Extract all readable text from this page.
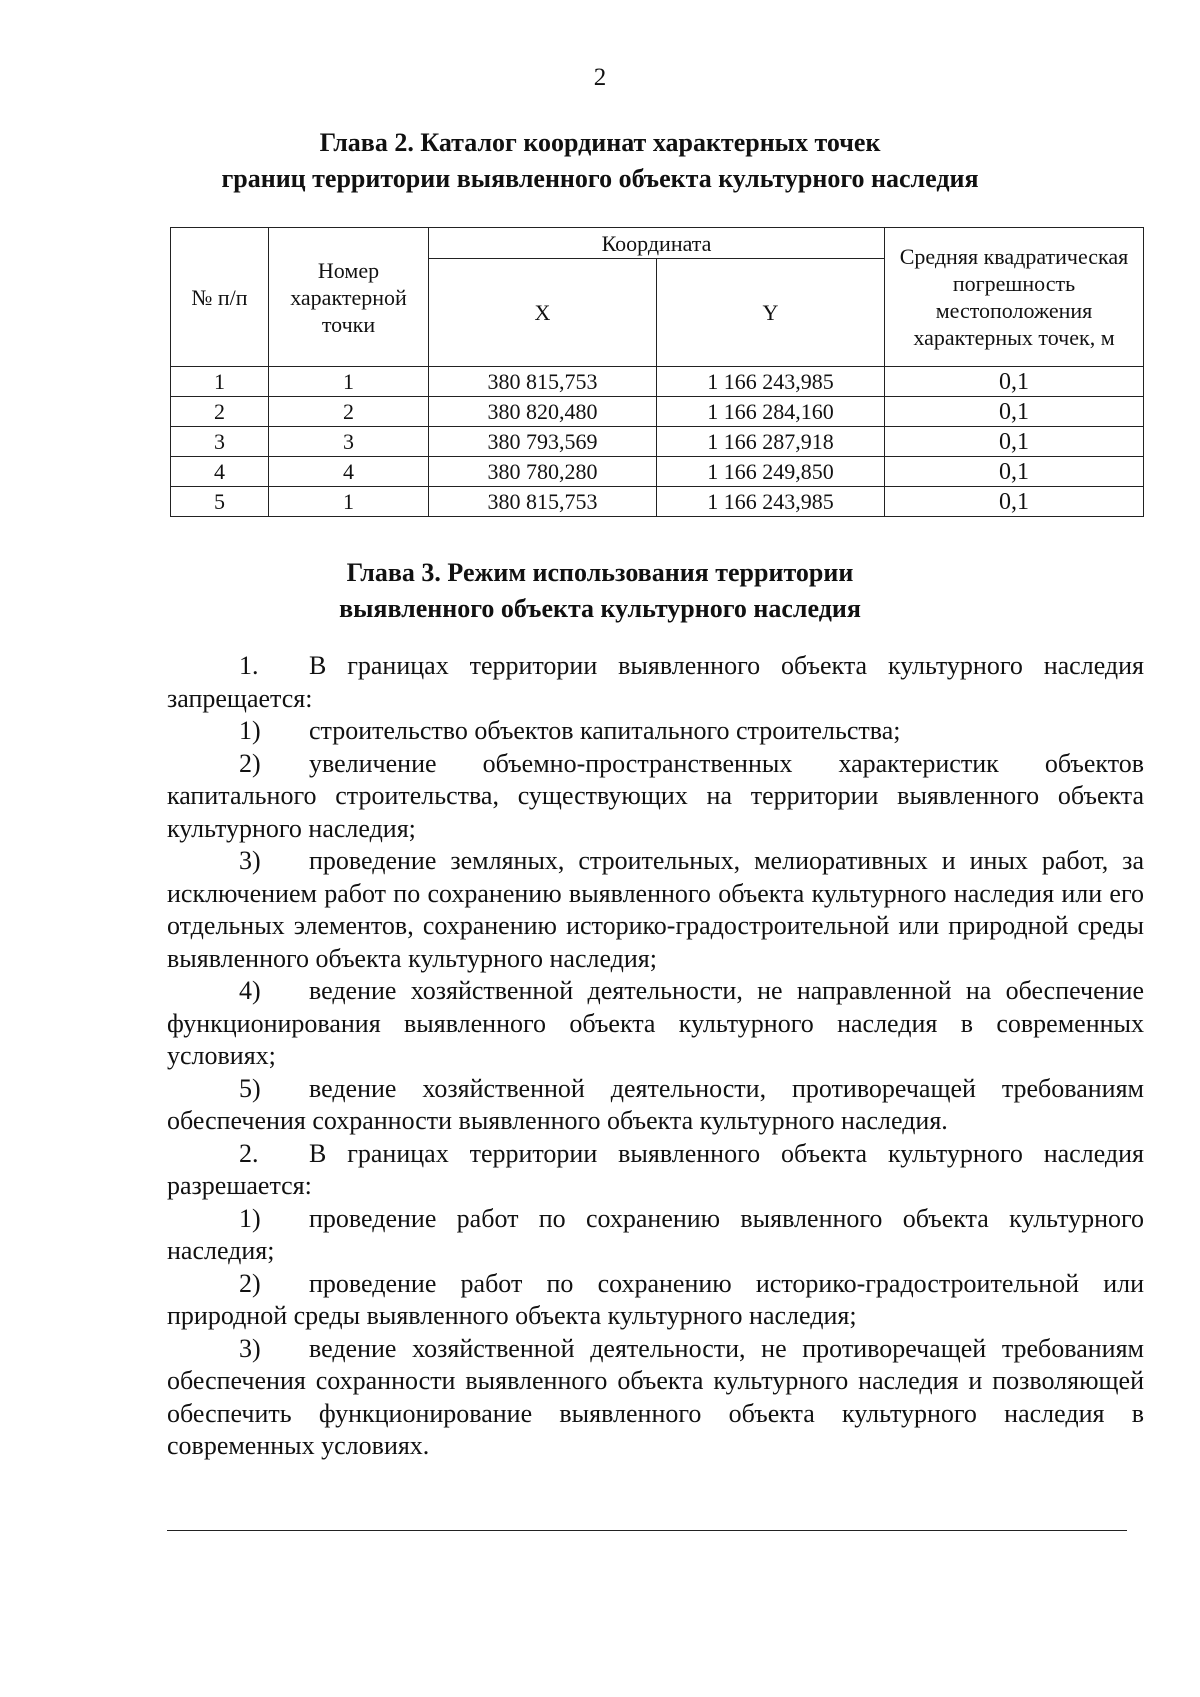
2
Глава 2. Каталог координат характерных точек
границ территории выявленного объекта культурного наследия
№ п/п	Номер характерной точки	Координата		Средняя квадратическая погрешность местоположения характерных точек, м
		X	Y	
1	1	380 815,753	1 166 243,985	0,1
2	2	380 820,480	1 166 284,160	0,1
3	3	380 793,569	1 166 287,918	0,1
4	4	380 780,280	1 166 249,850	0,1
5	1	380 815,753	1 166 243,985	0,1
Глава 3. Режим использования территории
выявленного объекта культурного наследия

1. В границах территории выявленного объекта культурного наследия запрещается:

1) строительство объектов капитального строительства;

2) увеличение объемно-пространственных характеристик объектов капитального строительства, существующих на территории выявленного объекта культурного наследия;

3) проведение земляных, строительных, мелиоративных и иных работ, за исключением работ по сохранению выявленного объекта культурного наследия или его отдельных элементов, сохранению историко-градостроительной или природной среды выявленного объекта культурного наследия;

4) ведение хозяйственной деятельности, не направленной на обеспечение функционирования выявленного объекта культурного наследия в современных условиях;

5) ведение хозяйственной деятельности, противоречащей требованиям обеспечения сохранности выявленного объекта культурного наследия.

2. В границах территории выявленного объекта культурного наследия разрешается:

1) проведение работ по сохранению выявленного объекта культурного наследия;

2) проведение работ по сохранению историко-градостроительной или природной среды выявленного объекта культурного наследия;

3) ведение хозяйственной деятельности, не противоречащей требованиям обеспечения сохранности выявленного объекта культурного наследия и позволяющей обеспечить функционирование выявленного объекта культурного наследия в современных условиях.
